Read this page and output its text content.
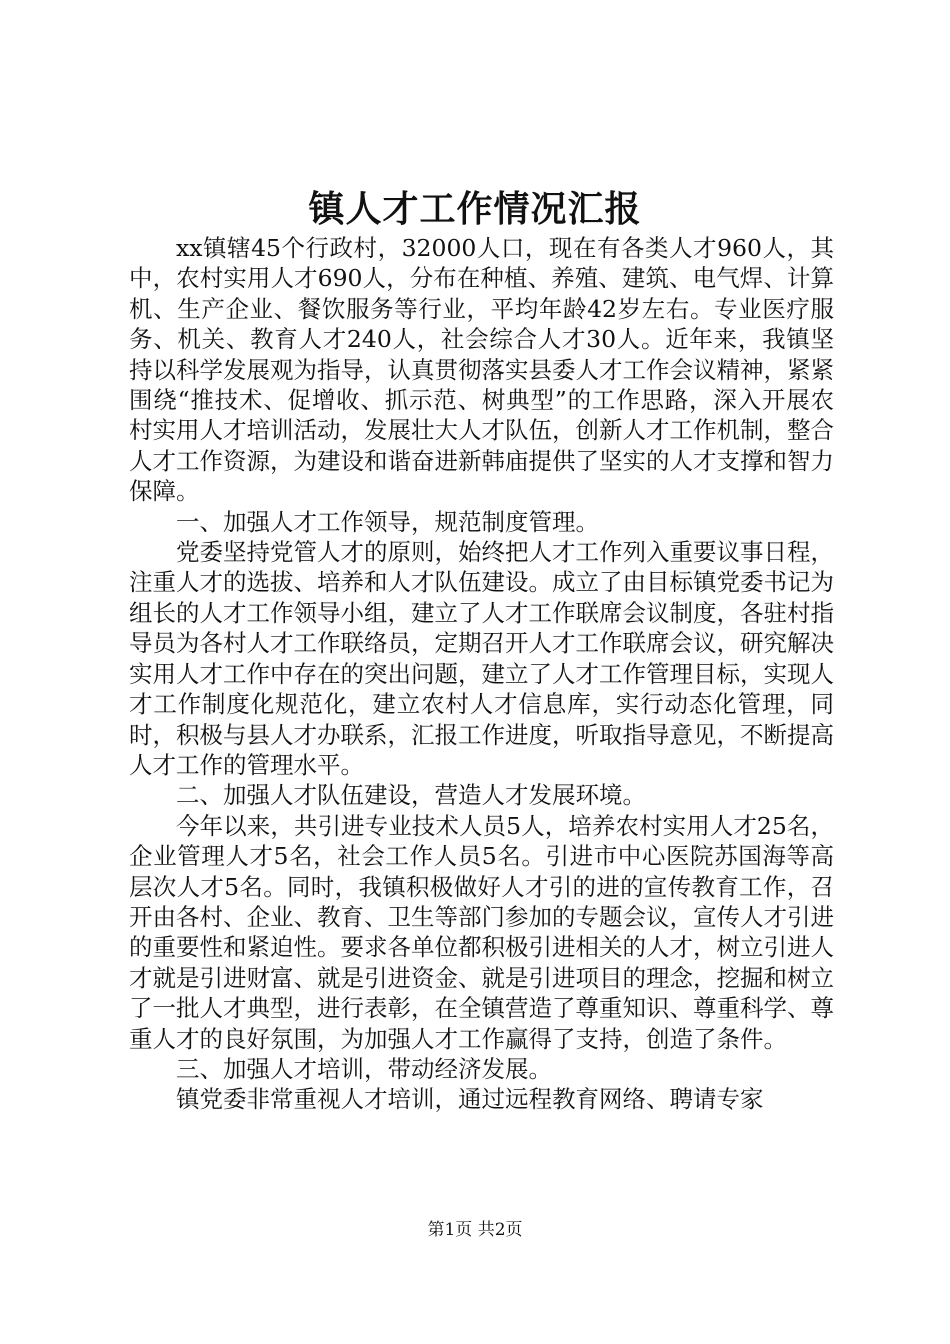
镇人才工作情况汇报

xx镇辖45个行政村，32000人口，现在有各类人才960人，其中，农村实用人才690人，分布在种植、养殖、建筑、电气焊、计算机、生产企业、餐饮服务等行业，平均年龄42岁左右。专业医疗服务、机关、教育人才240人，社会综合人才30人。近年来，我镇坚持以科学发展观为指导，认真贯彻落实县委人才工作会议精神，紧紧围绕“推技术、促增收、抓示范、树典型”的工作思路，深入开展农村实用人才培训活动，发展壮大人才队伍，创新人才工作机制，整合人才工作资源，为建设和谐奋进新韩庙提供了坚实的人才支撑和智力保障。

一、加强人才工作领导，规范制度管理。

党委坚持党管人才的原则，始终把人才工作列入重要议事日程，注重人才的选拔、培养和人才队伍建设。成立了由目标镇党委书记为组长的人才工作领导小组，建立了人才工作联席会议制度，各驻村指导员为各村人才工作联络员，定期召开人才工作联席会议，研究解决实用人才工作中存在的突出问题，建立了人才工作管理目标，实现人才工作制度化规范化，建立农村人才信息库，实行动态化管理，同时，积极与县人才办联系，汇报工作进度，听取指导意见，不断提高人才工作的管理水平。

二、加强人才队伍建设，营造人才发展环境。

今年以来，共引进专业技术人员5人，培养农村实用人才25名，企业管理人才5名，社会工作人员5名。引进市中心医院苏国海等高层次人才5名。同时，我镇积极做好人才引的进的宣传教育工作，召开由各村、企业、教育、卫生等部门参加的专题会议，宣传人才引进的重要性和紧迫性。要求各单位都积极引进相关的人才，树立引进人才就是引进财富、就是引进资金、就是引进项目的理念，挖掘和树立了一批人才典型，进行表彰，在全镇营造了尊重知识、尊重科学、尊重人才的良好氛围，为加强人才工作赢得了支持，创造了条件。

三、加强人才培训，带动经济发展。

镇党委非常重视人才培训，通过远程教育网络、聘请专家

第1页 共2页
